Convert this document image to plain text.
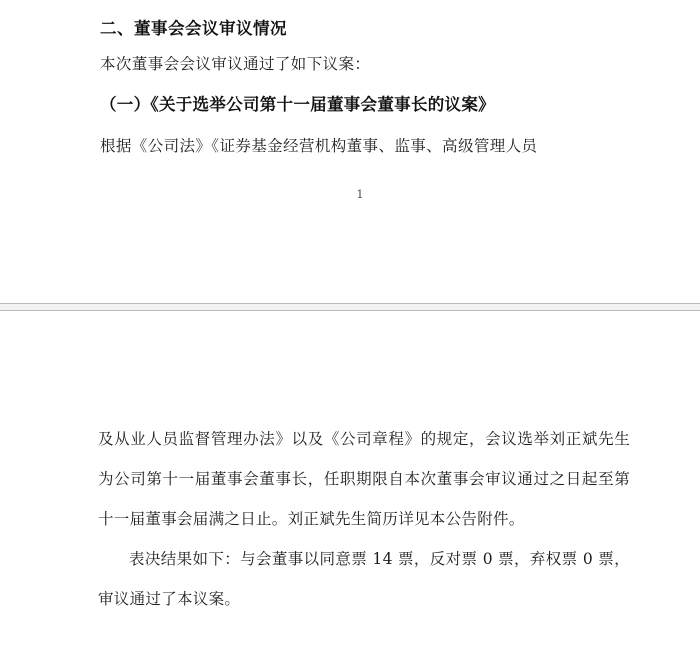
二、董事会会议审议情况

本次董事会会议审议通过了如下议案：

（一）《关于选举公司第十一届董事会董事长的议案》

根据《公司法》《证券基金经营机构董事、监事、高级管理人员

1

及从业人员监督管理办法》以及《公司章程》的规定，会议选举刘正斌先生为公司第十一届董事会董事长，任职期限自本次董事会审议通过之日起至第十一届董事会届满之日止。刘正斌先生简历详见本公告附件。

表决结果如下：与会董事以同意票 14 票，反对票 0 票，弃权票 0 票，审议通过了本议案。
